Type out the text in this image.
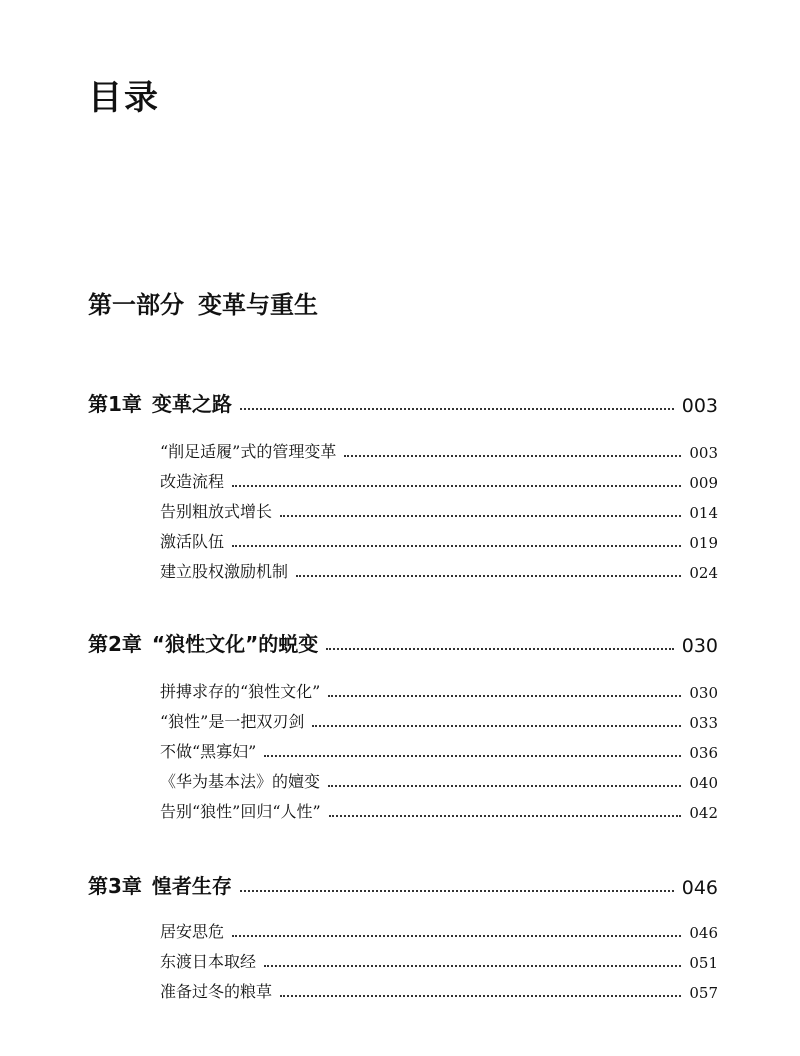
目录
第一部分 变革与重生
第1章 变革之路	003
“削足适履”式的管理变革	003
改造流程	009
告别粗放式增长	014
激活队伍	019
建立股权激励机制	024
第2章 “狼性文化”的蜕变	030
拼搏求存的“狼性文化”	030
“狼性”是一把双刃剑	033
不做“黑寡妇”	036
《华为基本法》的嬗变	040
告别“狼性”回归“人性”	042
第3章 惶者生存	046
居安思危	046
东渡日本取经	051
准备过冬的粮草	057
